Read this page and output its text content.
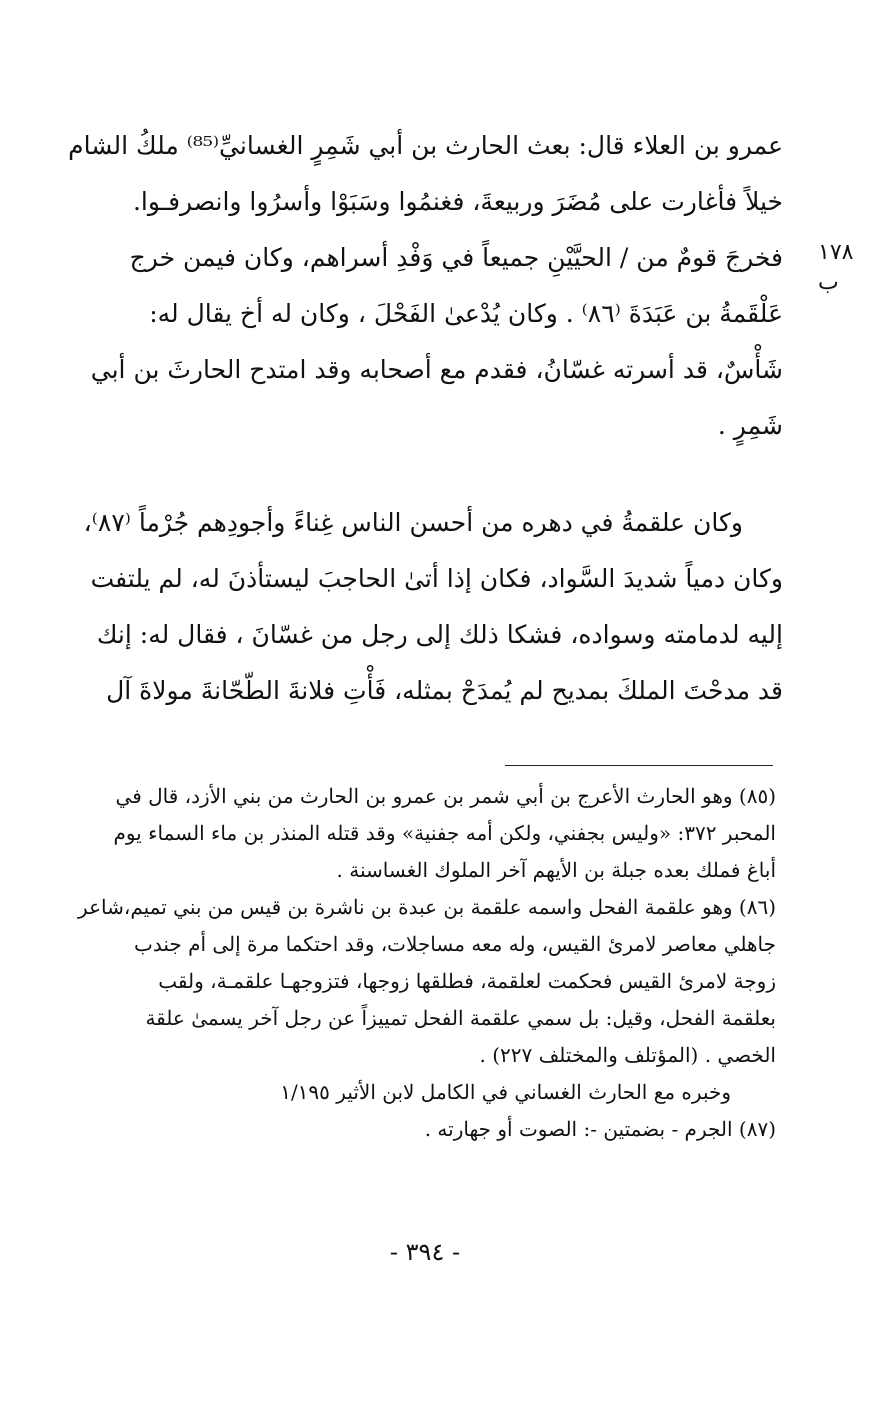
١٧٨ ب
عمرو بن العلاء قال: بعث الحارث بن أبي شَمِرٍ الغسانيِّ⁽⁸⁵⁾ ملكُ الشام
خيلاً فأغارت على مُضَرَ وربيعةَ، فغنمُوا وسَبَوْا وأسرُوا وانصرفـوا.
فخرجَ قومٌ من / الحيَّيْنِ جميعاً في وَفْدِ أسراهم، وكان فيمن خرج
عَلْقَمةُ بن عَبَدَةَ ⁽٨٦⁾ . وكان يُدْعىٰ الفَحْلَ ، وكان له أخ يقال له:
شَأْسٌ، قد أسرته غسّانُ، فقدم مع أصحابه وقد امتدح الحارثَ بن أبي
شَمِرٍ .
وكان علقمةُ في دهره من أحسن الناس غِناءً وأجودِهم جُرْماً ⁽٨٧⁾،
وكان دمياً شديدَ السَّواد، فكان إذا أتىٰ الحاجبَ ليستأذنَ له، لم يلتفت
إليه لدمامته وسواده، فشكا ذلك إلى رجل من غسّانَ ، فقال له: إنك
قد مدحْتَ الملكَ بمديح لم يُمدَحْ بمثله، فَأْتِ فلانةَ الطّحّانةَ مولاةَ آل
(٨٥) وهو الحارث الأعرج بن أبي شمر بن عمرو بن الحارث من بني الأزد، قال في
المحبر ٣٧٢: «وليس بجفني، ولكن أمه جفنية» وقد قتله المنذر بن ماء السماء يوم
أباغ فملك بعده جبلة بن الأيهم آخر الملوك الغساسنة .
(٨٦) وهو علقمة الفحل واسمه علقمة بن عبدة بن ناشرة بن قيس من بني تميم،شاعر
جاهلي معاصر لامرئ القيس، وله معه مساجلات، وقد احتكما مرة إلى أم جندب
زوجة لامرئ القيس فحكمت لعلقمة، فطلقها زوجها، فتزوجهـا علقمـة، ولقب
بعلقمة الفحل، وقيل: بل سمي علقمة الفحل تمييزاً عن رجل آخر يسمىٰ علقة
الخصي . (المؤتلف والمختلف ٢٢٧) .
وخبره مع الحارث الغساني في الكامل لابن الأثير ١/١٩٥
(٨٧) الجرم - بضمتين -: الصوت أو جهارته .
- ٣٩٤ -
